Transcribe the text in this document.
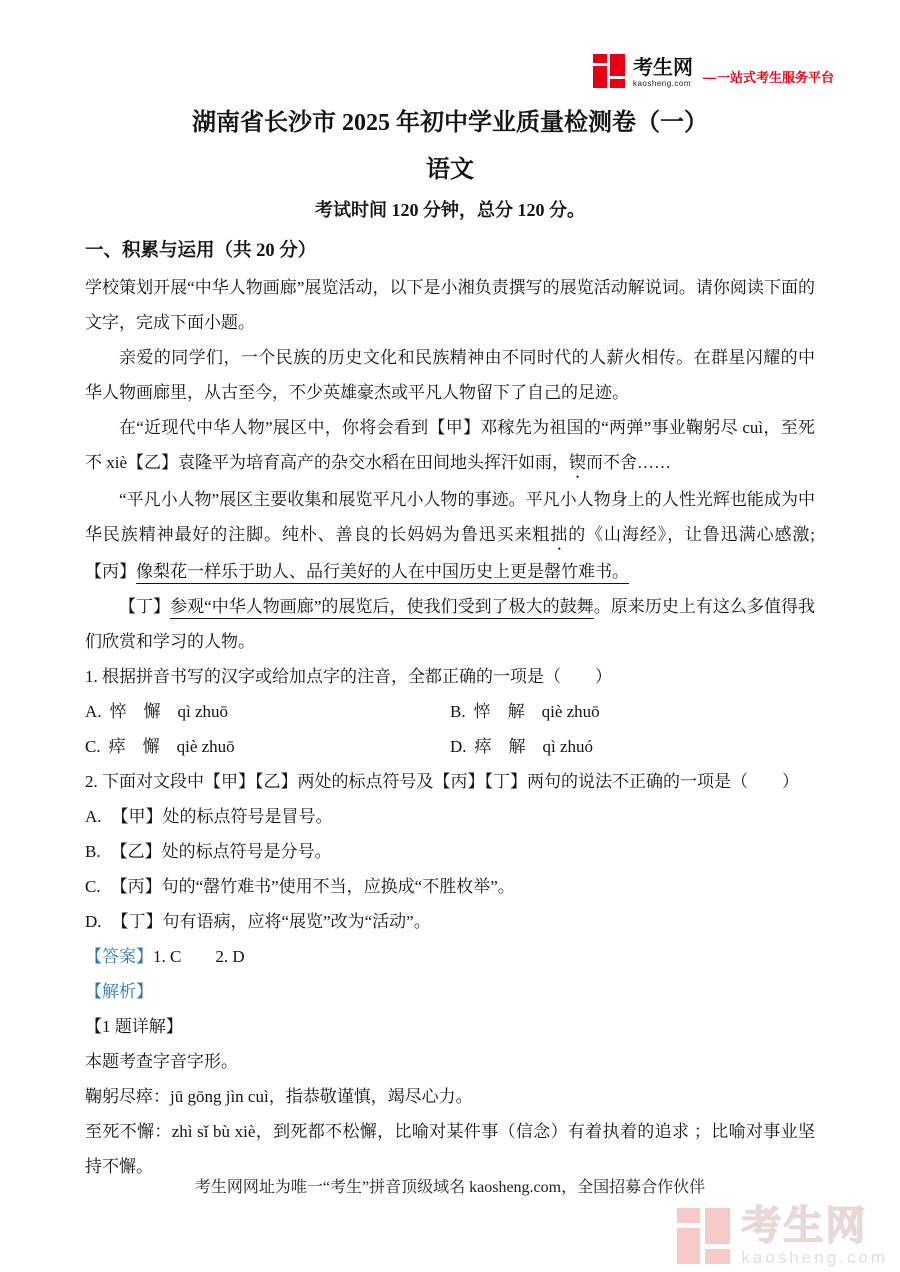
考生网
kaosheng.com	— 一站式考生服务平台
湖南省长沙市 2025 年初中学业质量检测卷（一）
语文
考试时间 120 分钟，总分 120 分。
一、积累与运用（共 20 分）

学校策划开展“中华人物画廊”展览活动，以下是小湘负责撰写的展览活动解说词。请你阅读下面的文字，完成下面小题。

亲爱的同学们，一个民族的历史文化和民族精神由不同时代的人薪火相传。在群星闪耀的中华人物画廊里，从古至今，不少英雄豪杰或平凡人物留下了自己的足迹。

在“近现代中华人物”展区中，你将会看到【甲】邓稼先为祖国的“两弹”事业鞠躬尽 cuì，至死不 xiè【乙】袁隆平为培育高产的杂交水稻在田间地头挥汗如雨，锲而不舍……

“平凡小人物”展区主要收集和展览平凡小人物的事迹。平凡小人物身上的人性光辉也能成为中华民族精神最好的注脚。纯朴、善良的长妈妈为鲁迅买来粗拙的《山海经》，让鲁迅满心感激;【丙】像梨花一样乐于助人、品行美好的人在中国历史上更是罄竹难书。

【丁】参观“中华人物画廊”的展览后，使我们受到了极大的鼓舞。原来历史上有这么多值得我们欣赏和学习的人物。

1. 根据拼音书写的汉字或给加点字的注音，全都正确的一项是（　　）

A. 悴　懈　qì zhuō	B. 悴　解　qiè zhuō
C. 瘁　懈　qiè zhuō	D. 瘁　解　qì zhuó

2. 下面对文段中【甲】【乙】两处的标点符号及【丙】【丁】两句的说法不正确的一项是（　　）

A. 【甲】处的标点符号是冒号。

B. 【乙】处的标点符号是分号。

C. 【丙】句的“罄竹难书”使用不当，应换成“不胜枚举”。

D. 【丁】句有语病，应将“展览”改为“活动”。

【答案】1. C　　2. D

【解析】

【1 题详解】

本题考查字音字形。

鞠躬尽瘁：jū gōng jìn cuì，指恭敬谨慎，竭尽心力。

至死不懈：zhì sǐ bù xiè，到死都不松懈，比喻对某件事（信念）有着执着的追求 ；比喻对事业坚持不懈。

考生网网址为唯一“考生”拼音顶级域名 kaosheng.com，全国招募合作伙伴
考生网
kaosheng.com
